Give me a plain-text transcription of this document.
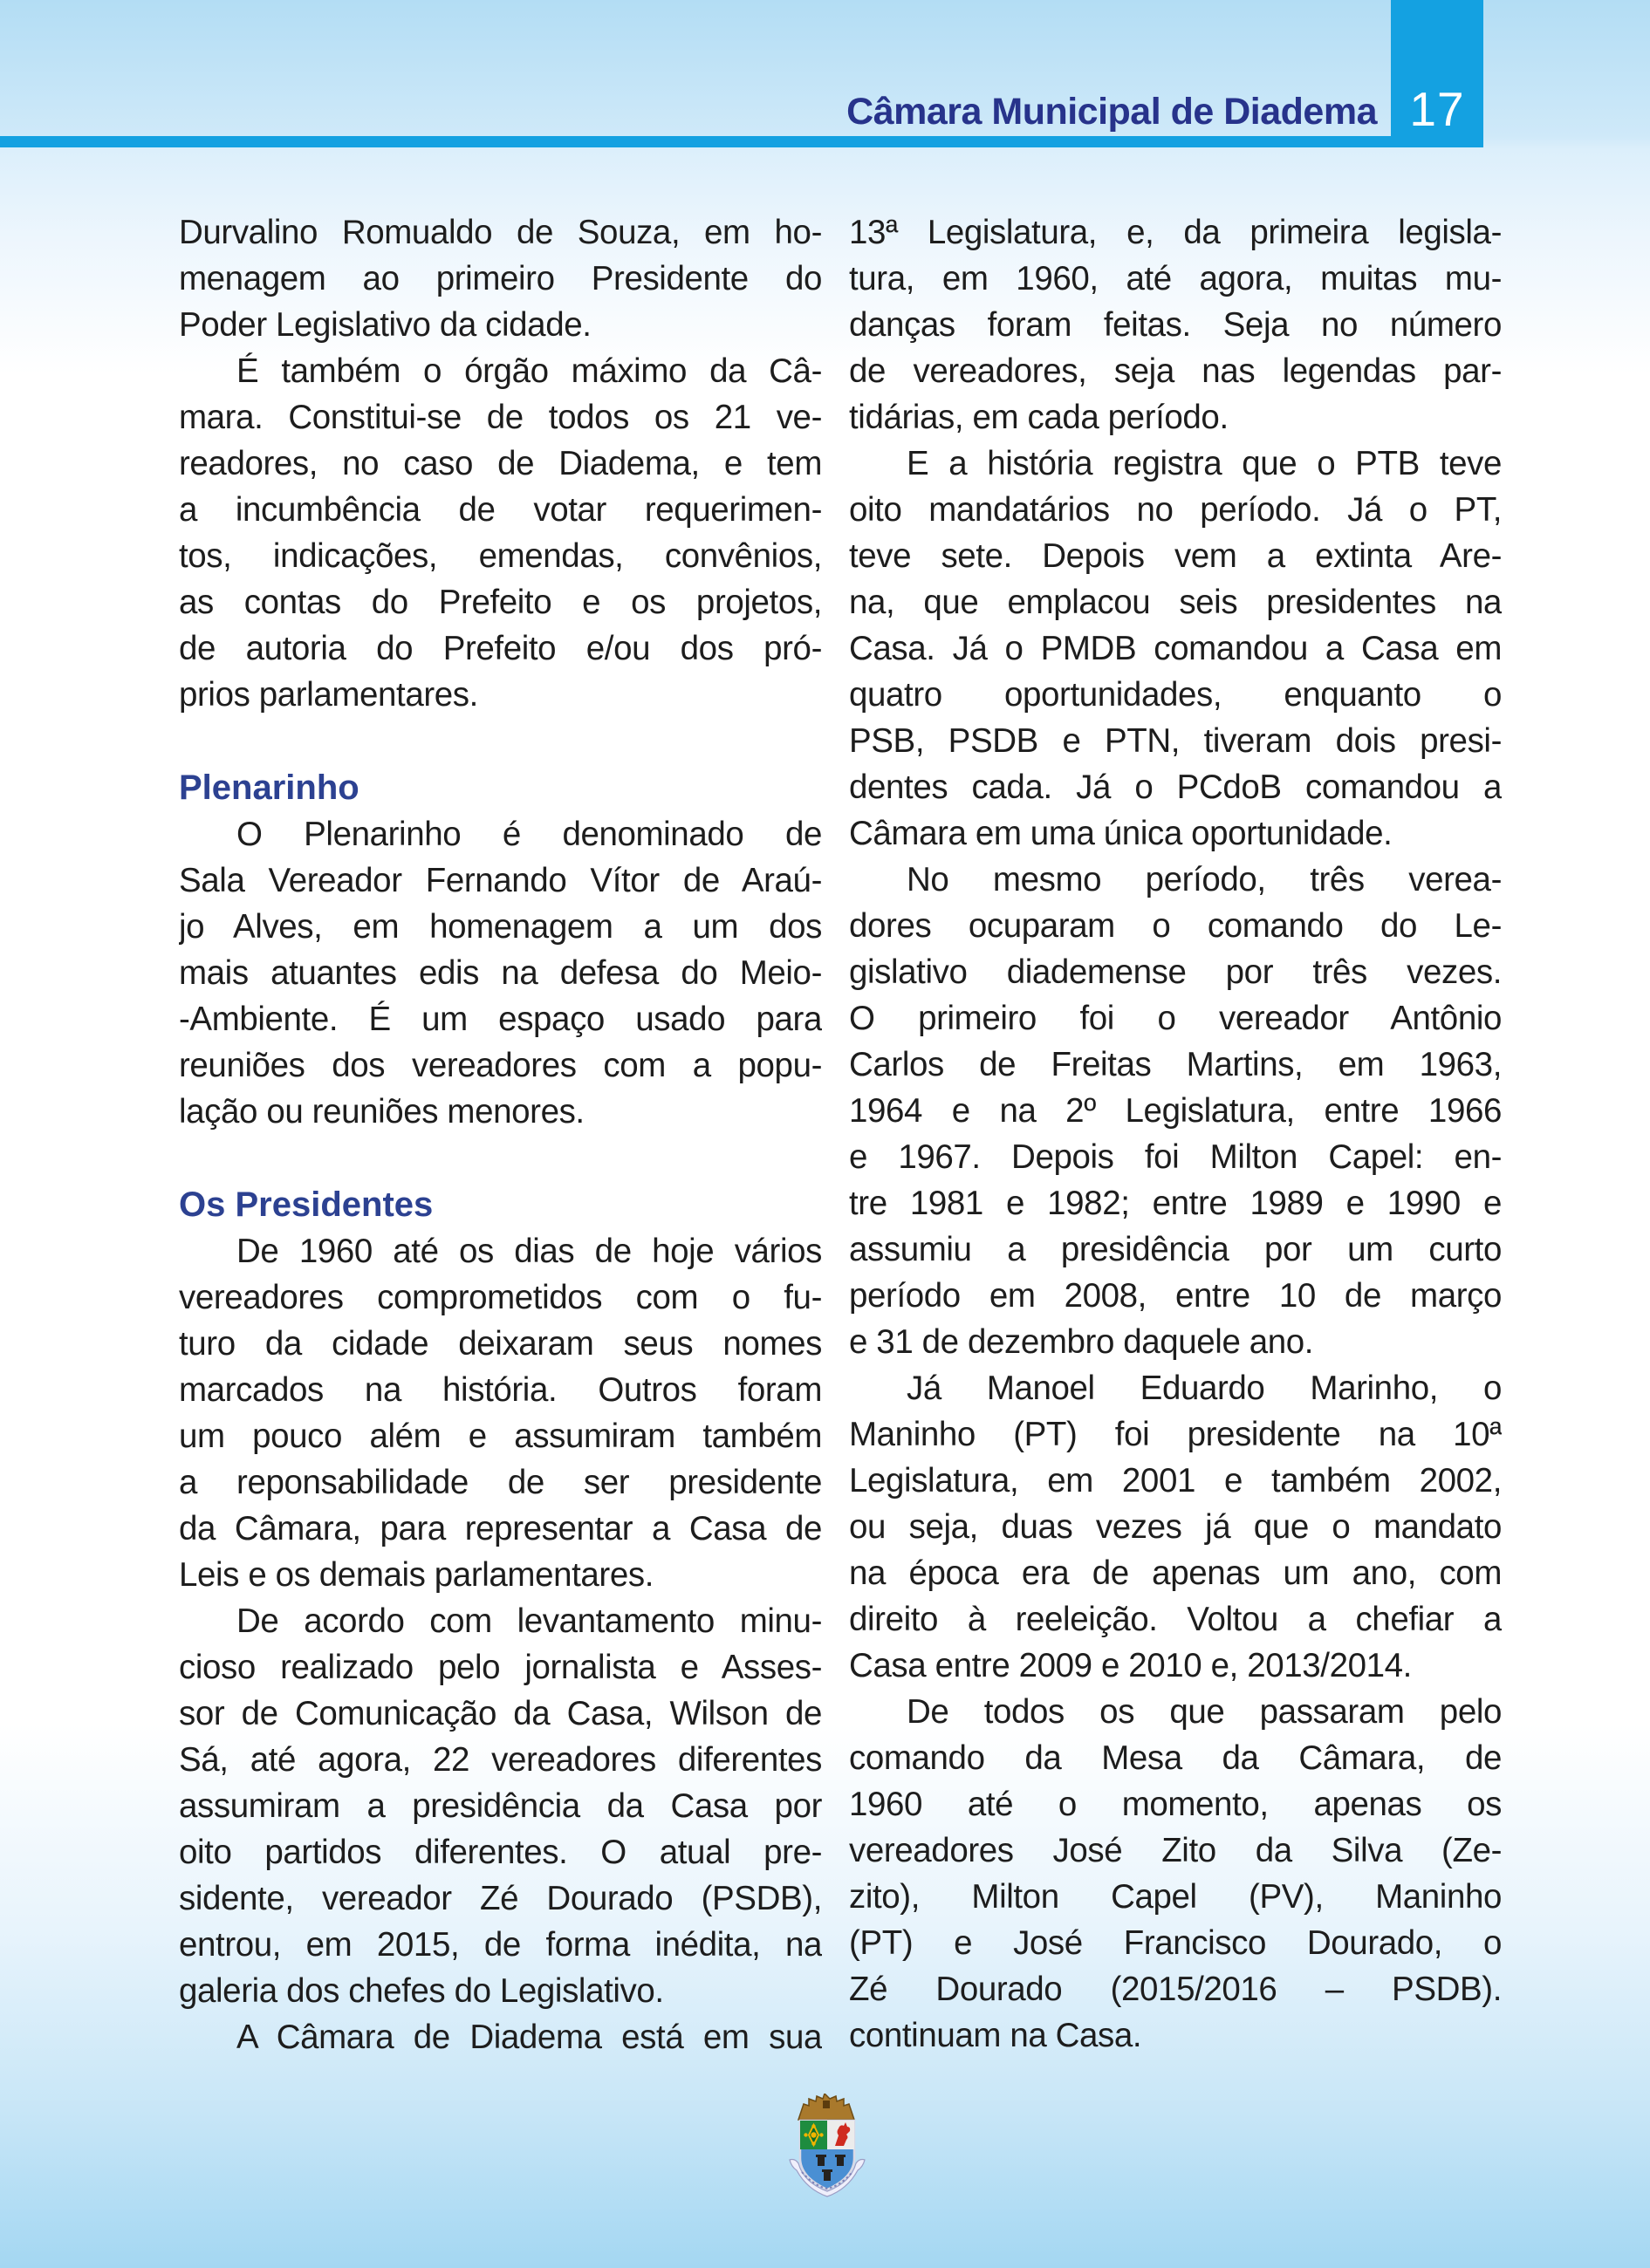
Câmara Municipal de Diadema 17
Durvalino Romualdo de Souza, em ho-
menagem ao primeiro Presidente do
Poder Legislativo da cidade.
É também o órgão máximo da Câ-
mara. Constitui-se de todos os 21 ve-
readores, no caso de Diadema, e tem
a incumbência de votar requerimen-
tos, indicações, emendas, convênios,
as contas do Prefeito e os projetos,
de autoria do Prefeito e/ou dos pró-
prios parlamentares.
Plenarinho
O Plenarinho é denominado de
Sala Vereador Fernando Vítor de Araú-
jo Alves, em homenagem a um dos
mais atuantes edis na defesa do Meio-
-Ambiente. É um espaço usado para
reuniões dos vereadores com a popu-
lação ou reuniões menores.
Os Presidentes
De 1960 até os dias de hoje vários
vereadores comprometidos com o fu-
turo da cidade deixaram seus nomes
marcados na história. Outros foram
um pouco além e assumiram também
a reponsabilidade de ser presidente
da Câmara, para representar a Casa de
Leis e os demais parlamentares.
De acordo com levantamento minu-
cioso realizado pelo jornalista e Asses-
sor de Comunicação da Casa, Wilson de
Sá, até agora, 22 vereadores diferentes
assumiram a presidência da Casa por
oito partidos diferentes. O atual pre-
sidente, vereador Zé Dourado (PSDB),
entrou, em 2015, de forma inédita, na
galeria dos chefes do Legislativo.
A Câmara de Diadema está em sua
13ª Legislatura, e, da primeira legisla-
tura, em 1960, até agora, muitas mu-
danças foram feitas. Seja no número
de vereadores, seja nas legendas par-
tidárias, em cada período.
E a história registra que o PTB teve
oito mandatários no período. Já o PT,
teve sete. Depois vem a extinta Are-
na, que emplacou seis presidentes na
Casa. Já o PMDB comandou a Casa em
quatro oportunidades, enquanto o
PSB, PSDB e PTN, tiveram dois presi-
dentes cada. Já o PCdoB comandou a
Câmara em uma única oportunidade.
No mesmo período, três verea-
dores ocuparam o comando do Le-
gislativo diademense por três vezes.
O primeiro foi o vereador Antônio
Carlos de Freitas Martins, em 1963,
1964 e na 2º Legislatura, entre 1966
e 1967. Depois foi Milton Capel: en-
tre 1981 e 1982; entre 1989 e 1990 e
assumiu a presidência por um curto
período em 2008, entre 10 de março
e 31 de dezembro daquele ano.
Já Manoel Eduardo Marinho, o
Maninho (PT) foi presidente na 10ª
Legislatura, em 2001 e também 2002,
ou seja, duas vezes já que o mandato
na época era de apenas um ano, com
direito à reeleição. Voltou a chefiar a
Casa entre 2009 e 2010 e, 2013/2014.
De todos os que passaram pelo
comando da Mesa da Câmara, de
1960 até o momento, apenas os
vereadores José Zito da Silva (Ze-
zito), Milton Capel (PV), Maninho
(PT) e José Francisco Dourado, o
Zé Dourado (2015/2016 – PSDB).
continuam na Casa.
